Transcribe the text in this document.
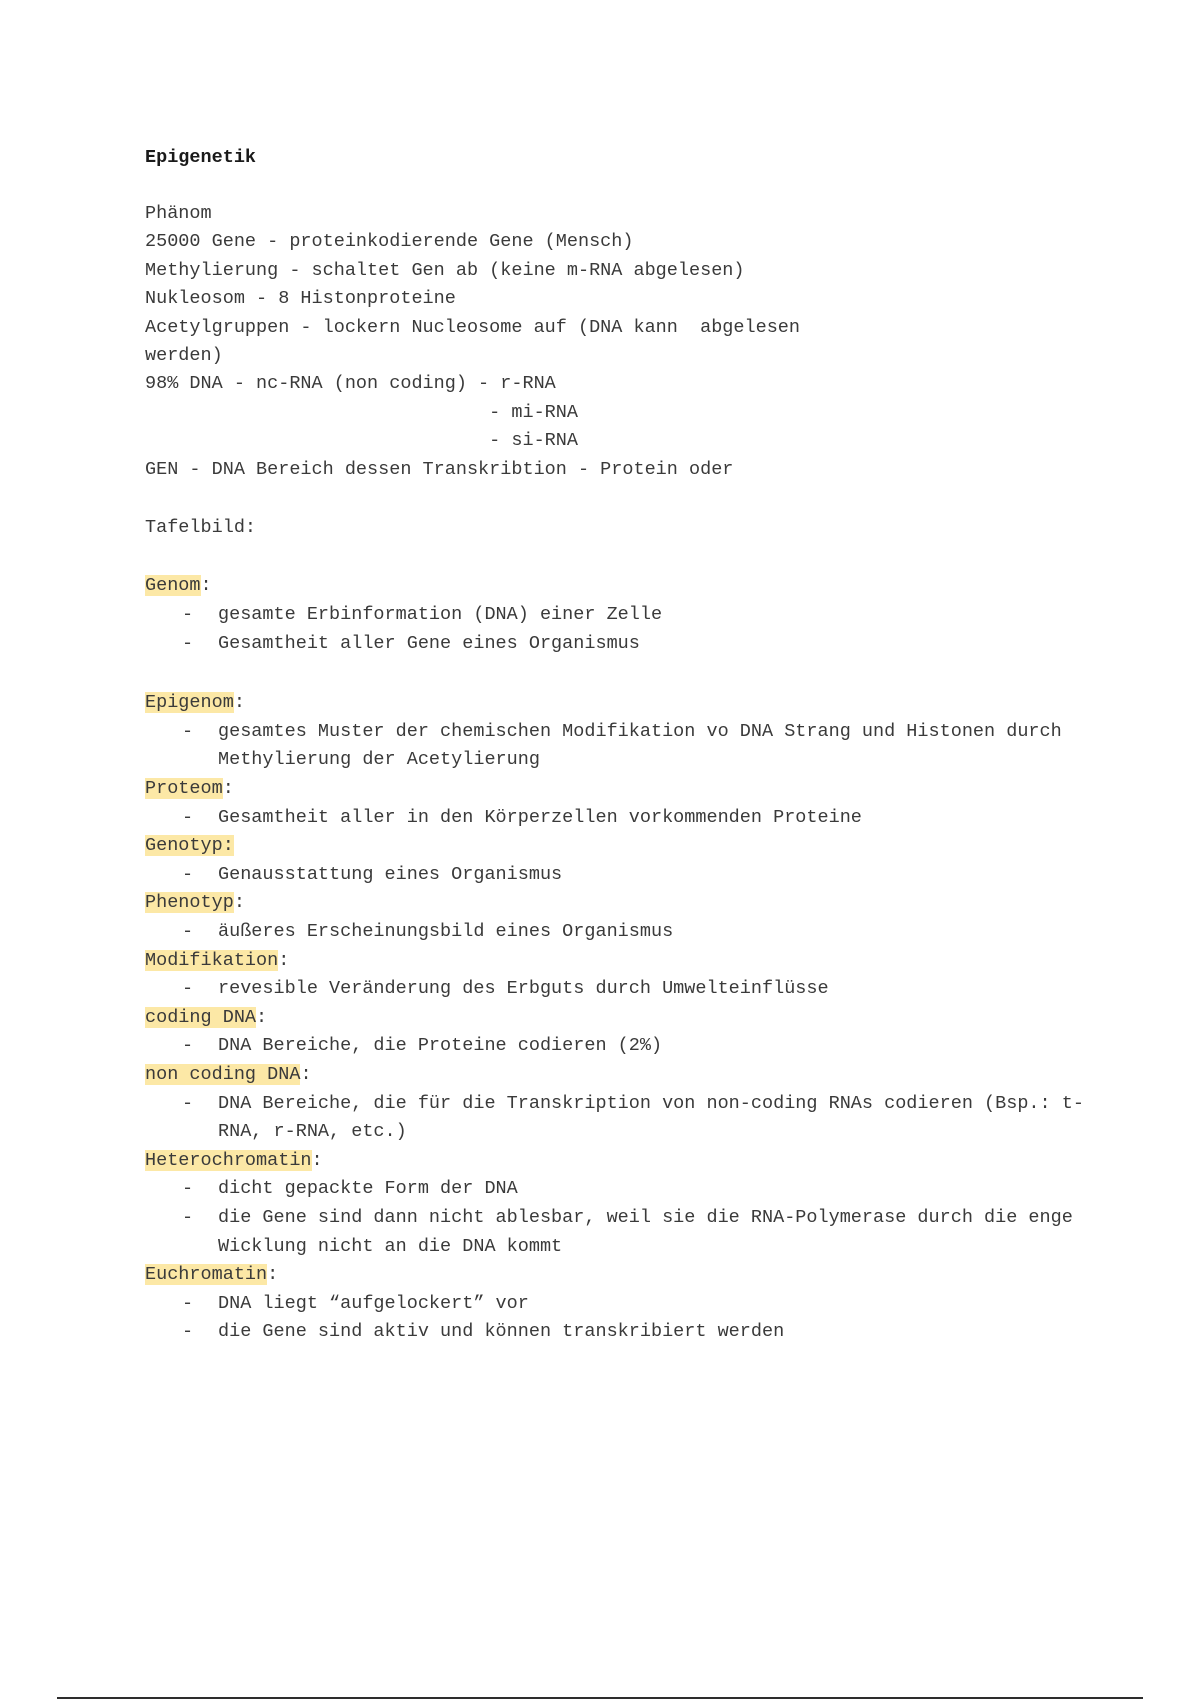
Epigenetik
Phänom
25000 Gene - proteinkodierende Gene (Mensch)
Methylierung - schaltet Gen ab (keine m-RNA abgelesen)
Nukleosom - 8 Histonproteine
Acetylgruppen - lockern Nucleosome auf (DNA kann  abgelesen
werden)
98% DNA - nc-RNA (non coding) - r-RNA
- mi-RNA
- si-RNA
GEN - DNA Bereich dessen Transkribtion - Protein oder
Tafelbild:
Genom:
- gesamte Erbinformation (DNA) einer Zelle
- Gesamtheit aller Gene eines Organismus
Epigenom:
- gesamtes Muster der chemischen Modifikation vo DNA Strang und Histonen durch Methylierung der Acetylierung
Proteom:
- Gesamtheit aller in den Körperzellen vorkommenden Proteine
Genotyp:
- Genausstattung eines Organismus
Phenotyp:
- äußeres Erscheinungsbild eines Organismus
Modifikation:
- revesible Veränderung des Erbguts durch Umwelteinflüsse
coding DNA:
- DNA Bereiche, die Proteine codieren (2%)
non coding DNA:
- DNA Bereiche, die für die Transkription von non-coding RNAs codieren (Bsp.: t-RNA, r-RNA, etc.)
Heterochromatin:
- dicht gepackte Form der DNA
- die Gene sind dann nicht ablesbar, weil sie die RNA-Polymerase durch die enge Wicklung nicht an die DNA kommt
Euchromatin:
- DNA liegt “aufgelockert” vor
- die Gene sind aktiv und können transkribiert werden
